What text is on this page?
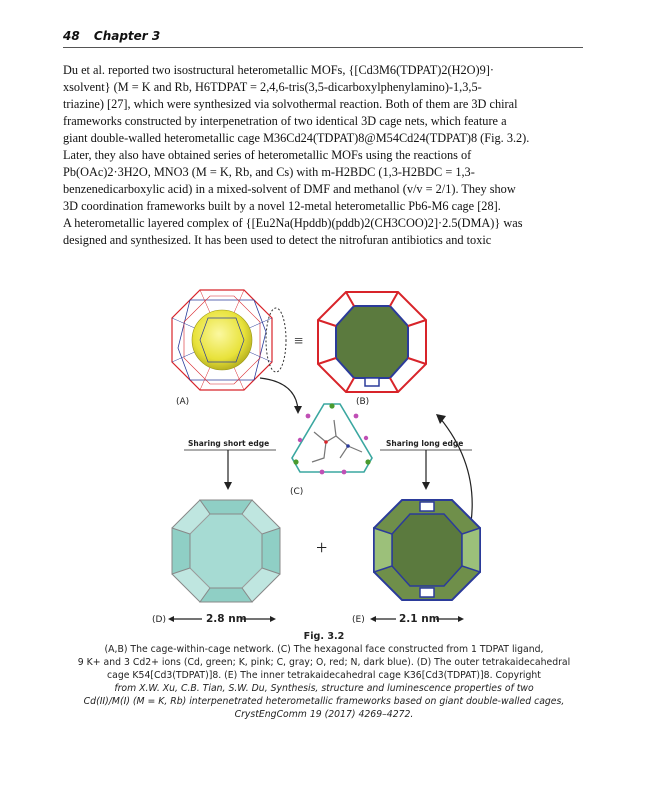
48 Chapter 3
Du et al. reported two isostructural heterometallic MOFs, {[Cd3M6(TDPAT)2(H2O)9]·
xsolvent} (M = K and Rb, H6TDPAT = 2,4,6-tris(3,5-dicarboxylphenylamino)-1,3,5-
triazine) [27], which were synthesized via solvothermal reaction. Both of them are 3D chiral
frameworks constructed by interpenetration of two identical 3D cage nets, which feature a
giant double-walled heterometallic cage M36Cd24(TDPAT)8@M54Cd24(TDPAT)8 (Fig. 3.2).
Later, they also have obtained series of heterometallic MOFs using the reactions of
Pb(OAc)2·3H2O, MNO3 (M = K, Rb, and Cs) with m-H2BDC (1,3-H2BDC = 1,3-
benzenedicarboxylic acid) in a mixed-solvent of DMF and methanol (v/v = 2/1). They show
3D coordination frameworks built by a novel 12-metal heterometallic Pb6-M6 cage [28].
A heterometallic layered complex of {[Eu2Na(Hpddb)(pddb)2(CH3COO)2]·2.5(DMA)} was
designed and synthesized. It has been used to detect the nitrofuran antibiotics and toxic
≡
(A)	(B)
(C)
+
(D)	(E)
Sharing short edge	Sharing long edge
2.8 nm	2.1 nm
Fig. 3.2
(A,B) The cage-within-cage network. (C) The hexagonal face constructed from 1 TDPAT ligand,
9 K+ and 3 Cd2+ ions (Cd, green; K, pink; C, gray; O, red; N, dark blue). (D) The outer tetrakaidecahedral
cage K54[Cd3(TDPAT)]8. (E) The inner tetrakaidecahedral cage K36[Cd3(TDPAT)]8. Copyright
from X.W. Xu, C.B. Tian, S.W. Du, Synthesis, structure and luminescence properties of two
Cd(II)/M(I) (M = K, Rb) interpenetrated heterometallic frameworks based on giant double-walled cages,
CrystEngComm 19 (2017) 4269–4272.
